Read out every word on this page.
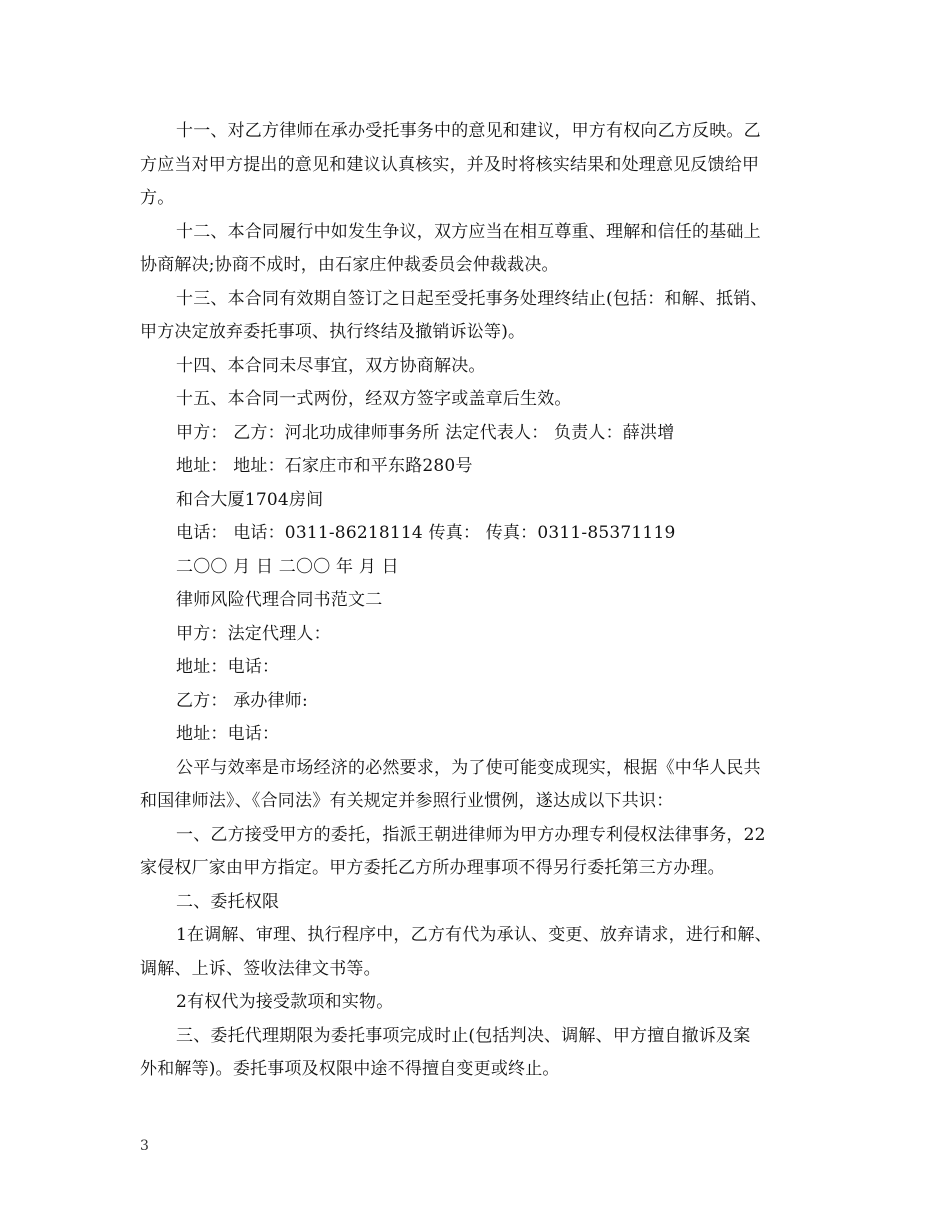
十一、对乙方律师在承办受托事务中的意见和建议，甲方有权向乙方反映。乙

方应当对甲方提出的意见和建议认真核实，并及时将核实结果和处理意见反馈给甲

方。

十二、本合同履行中如发生争议，双方应当在相互尊重、理解和信任的基础上

协商解决;协商不成时，由石家庄仲裁委员会仲裁裁决。

十三、本合同有效期自签订之日起至受托事务处理终结止(包括：和解、抵销、

甲方决定放弃委托事项、执行终结及撤销诉讼等)。

十四、本合同未尽事宜，双方协商解决。

十五、本合同一式两份，经双方签字或盖章后生效。

甲方： 乙方：河北功成律师事务所 法定代表人： 负责人：薛洪增

地址： 地址：石家庄市和平东路280号

和合大厦1704房间

电话： 电话：0311-86218114 传真： 传真：0311-85371119

二〇〇 月 日 二〇〇 年 月 日

律师风险代理合同书范文二

甲方：法定代理人：

地址：电话：

乙方： 承办律师:

地址：电话：

公平与效率是市场经济的必然要求，为了使可能变成现实，根据《中华人民共

和国律师法》、《合同法》有关规定并参照行业惯例，遂达成以下共识：

一、乙方接受甲方的委托，指派王朝进律师为甲方办理专利侵权法律事务，22

家侵权厂家由甲方指定。甲方委托乙方所办理事项不得另行委托第三方办理。

二、委托权限

1在调解、审理、执行程序中，乙方有代为承认、变更、放弃请求，进行和解、

调解、上诉、签收法律文书等。

2有权代为接受款项和实物。

三、委托代理期限为委托事项完成时止(包括判决、调解、甲方擅自撤诉及案

外和解等)。委托事项及权限中途不得擅自变更或终止。

3
